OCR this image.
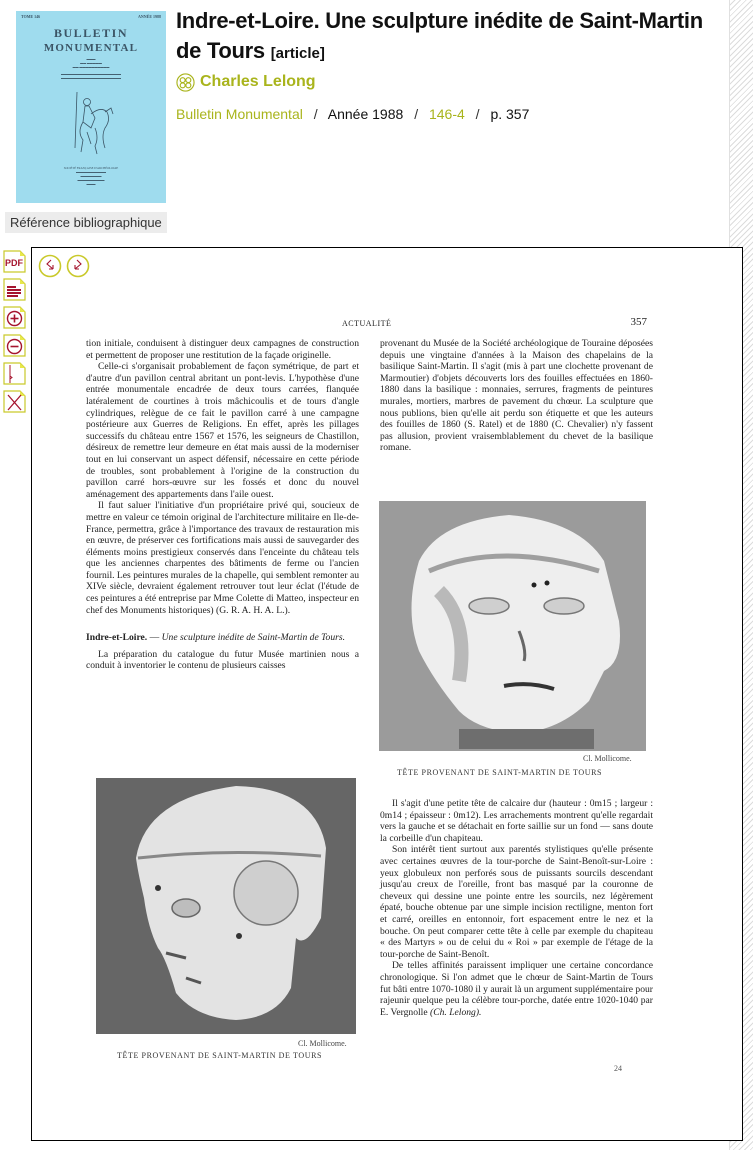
TOME 146	ANNÉE 1988
BULLETIN
MONUMENTAL
▬▬▬
▬▬ ▬▬▬▬▬
▬▬ ▬▬▬▬▬▬▬▬▬▬
▬▬▬▬▬▬▬▬▬▬▬▬▬▬▬▬▬▬▬▬
▬▬▬▬▬▬▬▬▬▬▬▬▬▬▬▬▬▬▬▬
SOCIÉTÉ FRANÇAISE D'ARCHÉOLOGIE
▬▬▬▬▬▬▬▬▬▬
▬▬▬▬▬▬▬
▬▬▬▬▬▬▬▬▬
▬▬▬
Indre-et-Loire. Une sculpture inédite de Saint-Martin de Tours [article]
Charles Lelong
Bulletin Monumental / Année 1988 / 146-4 / p. 357
Référence bibliographique
PDF
ACTUALITÉ	357

tion initiale, conduisent à distinguer deux campagnes de construction et permettent de proposer une restitution de la façade originelle.

Celle-ci s'organisait probablement de façon symétrique, de part et d'autre d'un pavillon central abritant un pont-levis. L'hypothèse d'une entrée monumentale encadrée de deux tours carrées, flanquée latéralement de courtines à trois mâchicoulis et de tours d'angle cylindriques, relègue de ce fait le pavillon carré à une campagne postérieure aux Guerres de Religions. En effet, après les pillages successifs du château entre 1567 et 1576, les seigneurs de Chastillon, désireux de remettre leur demeure en état mais aussi de la moderniser tout en lui conservant un aspect défensif, nécessaire en cette période de troubles, sont probablement à l'origine de la construction du pavillon carré hors-œuvre sur les fossés et donc du nouvel aménagement des appartements dans l'aile ouest.

Il faut saluer l'initiative d'un propriétaire privé qui, soucieux de mettre en valeur ce témoin original de l'architecture militaire en Ile-de-France, permettra, grâce à l'importance des travaux de restauration mis en œuvre, de préserver ces fortifications mais aussi de sauvegarder des éléments moins prestigieux conservés dans l'enceinte du château tels que les anciennes charpentes des bâtiments de ferme ou l'ancien fournil. Les peintures murales de la chapelle, qui semblent remonter au XIVe siècle, devraient également retrouver tout leur éclat (l'étude de ces peintures a été entreprise par Mme Colette di Matteo, inspecteur en chef des Monuments historiques) (G. R. A. H. A. L.).

Indre-et-Loire. — Une sculpture inédite de Saint-Martin de Tours.

La préparation du catalogue du futur Musée martinien nous a conduit à inventorier le contenu de plusieurs caisses

provenant du Musée de la Société archéologique de Touraine déposées depuis une vingtaine d'années à la Maison des chapelains de la basilique Saint-Martin. Il s'agit (mis à part une clochette provenant de Marmoutier) d'objets découverts lors des fouilles effectuées en 1860-1880 dans la basilique : monnaies, serrures, fragments de peintures murales, mortiers, marbres de pavement du chœur. La sculpture que nous publions, bien qu'elle ait perdu son étiquette et que les auteurs des fouilles de 1860 (S. Ratel) et de 1880 (C. Chevalier) n'y fassent pas allusion, provient vraisemblablement du chevet de la basilique romane.

Cl. Mollicome.
TÊTE PROVENANT DE SAINT-MARTIN DE TOURS

Il s'agit d'une petite tête de calcaire dur (hauteur : 0m15 ; largeur : 0m14 ; épaisseur : 0m12). Les arrachements montrent qu'elle regardait vers la gauche et se détachait en forte saillie sur un fond — sans doute la corbeille d'un chapiteau.

Son intérêt tient surtout aux parentés stylistiques qu'elle présente avec certaines œuvres de la tour-porche de Saint-Benoît-sur-Loire : yeux globuleux non perforés sous de puissants sourcils descendant jusqu'au creux de l'oreille, front bas masqué par la couronne de cheveux qui dessine une pointe entre les sourcils, nez légèrement épaté, bouche obtenue par une simple incision rectiligne, menton fort et carré, oreilles en entonnoir, fort espacement entre le nez et la bouche. On peut comparer cette tête à celle par exemple du chapiteau « des Martyrs » ou de celui du « Roi » par exemple de l'étage de la tour-porche de Saint-Benoît.

De telles affinités paraissent impliquer une certaine concordance chronologique. Si l'on admet que le chœur de Saint-Martin de Tours fut bâti entre 1070-1080 il y aurait là un argument supplémentaire pour rajeunir quelque peu la célèbre tour-porche, datée entre 1020-1040 par E. Vergnolle (Ch. Lelong).

Cl. Mollicome.
TÊTE PROVENANT DE SAINT-MARTIN DE TOURS
24
